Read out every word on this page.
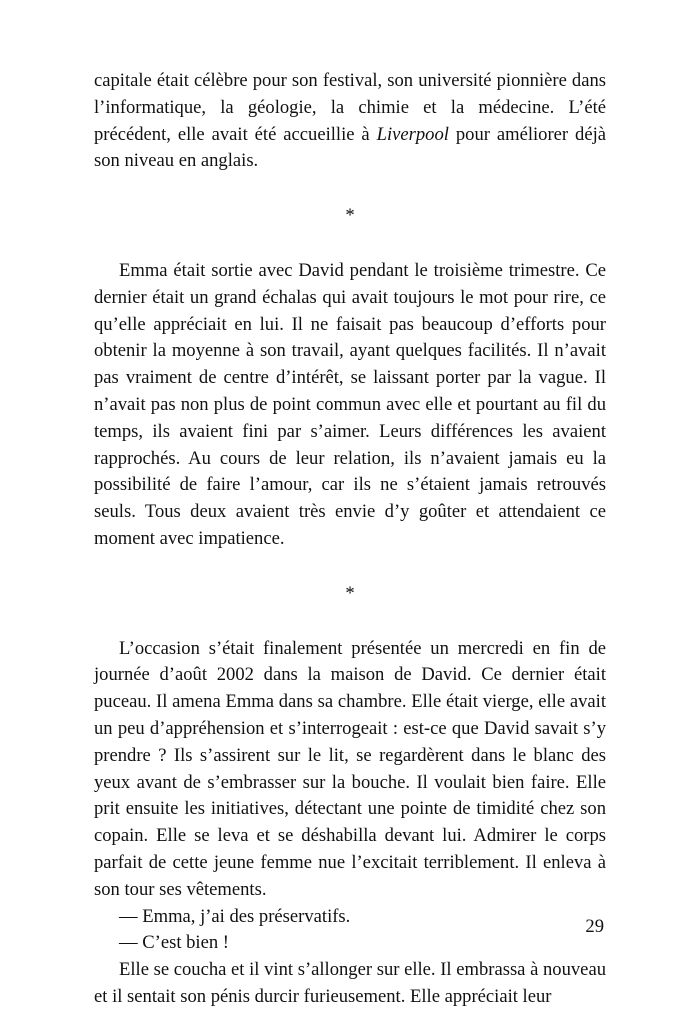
capitale était célèbre pour son festival, son université pionnière dans l’informatique, la géologie, la chimie et la médecine. L’été précédent, elle avait été accueillie à Liverpool pour améliorer déjà son niveau en anglais.

*

Emma était sortie avec David pendant le troisième trimestre. Ce dernier était un grand échalas qui avait toujours le mot pour rire, ce qu’elle appréciait en lui. Il ne faisait pas beaucoup d’efforts pour obtenir la moyenne à son travail, ayant quelques facilités. Il n’avait pas vraiment de centre d’intérêt, se laissant porter par la vague. Il n’avait pas non plus de point commun avec elle et pourtant au fil du temps, ils avaient fini par s’aimer. Leurs différences les avaient rapprochés. Au cours de leur relation, ils n’avaient jamais eu la possibilité de faire l’amour, car ils ne s’étaient jamais retrouvés seuls. Tous deux avaient très envie d’y goûter et attendaient ce moment avec impatience.

*

L’occasion s’était finalement présentée un mercredi en fin de journée d’août 2002 dans la maison de David. Ce dernier était puceau. Il amena Emma dans sa chambre. Elle était vierge, elle avait un peu d’appréhension et s’interrogeait : est-ce que David savait s’y prendre ? Ils s’assirent sur le lit, se regardèrent dans le blanc des yeux avant de s’embrasser sur la bouche. Il voulait bien faire. Elle prit ensuite les initiatives, détectant une pointe de timidité chez son copain. Elle se leva et se déshabilla devant lui. Admirer le corps parfait de cette jeune femme nue l’excitait terriblement. Il enleva à son tour ses vêtements.

— Emma, j’ai des préservatifs.

— C’est bien !

Elle se coucha et il vint s’allonger sur elle. Il embrassa à nouveau et il sentait son pénis durcir furieusement. Elle appréciait leur

29
